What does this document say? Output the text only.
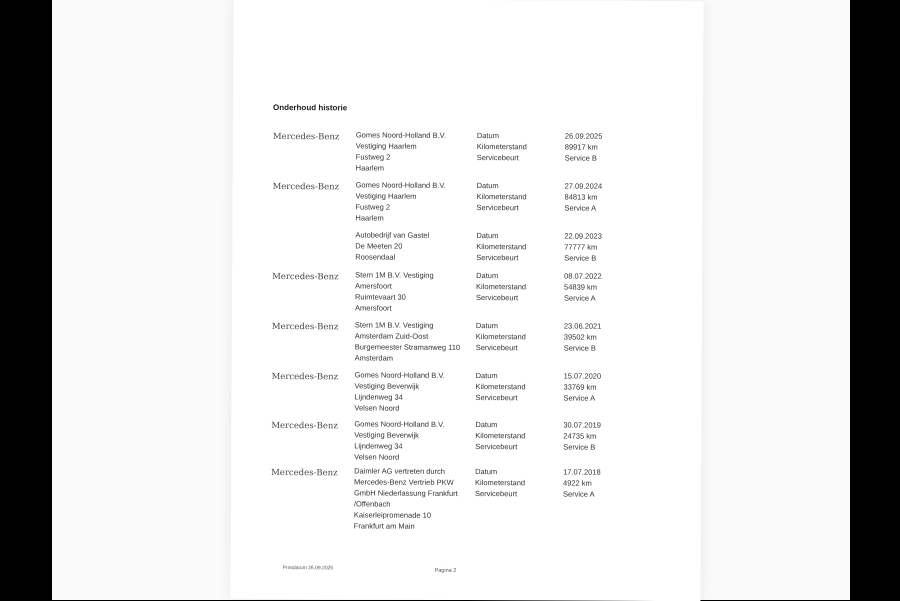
Onderhoud historie
Mercedes-Benz Gomes Noord-Holland B.V.
Vestiging Haarlem
Fustweg 2
Haarlem
Datum
Kilometerstand
Servicebeurt
26.09.2025
89917 km
Service B
Mercedes-Benz Gomes Noord-Holland B.V.
Vestiging Haarlem
Fustweg 2
Haarlem
Datum
Kilometerstand
Servicebeurt
27.09.2024
84813 km
Service A
Autobedrijf van Gastel
De Meeten 20
Roosendaal
Datum
Kilometerstand
Servicebeurt
22.09.2023
77777 km
Service B
Mercedes-Benz Stern 1M B.V. Vestiging
Amersfoort
Ruimtevaart 30
Amersfoort
Datum
Kilometerstand
Servicebeurt
08.07.2022
54839 km
Service A
Mercedes-Benz Stern 1M B.V. Vestiging
Amsterdam Zuid-Oost
Burgemeester Stramanweg 110
Amsterdam
Datum
Kilometerstand
Servicebeurt
23.06.2021
39502 km
Service B
Mercedes-Benz Gomes Noord-Holland B.V.
Vestiging Beverwijk
Lijndenweg 34
Velsen Noord
Datum
Kilometerstand
Servicebeurt
15.07.2020
33769 km
Service A
Mercedes-Benz Gomes Noord-Holland B.V.
Vestiging Beverwijk
Lijndenweg 34
Velsen Noord
Datum
Kilometerstand
Servicebeurt
30.07.2019
24735 km
Service B
Mercedes-Benz Daimler AG vertreten durch
Mercedes-Benz Vertrieb PKW
GmbH Niederlassung Frankfurt
/Offenbach
Kaiserleipromenade 10
Frankfurt am Main
Datum
Kilometerstand
Servicebeurt
17.07.2018
4922 km
Service A
Printdatum 26.09.2025	Pagina 2
